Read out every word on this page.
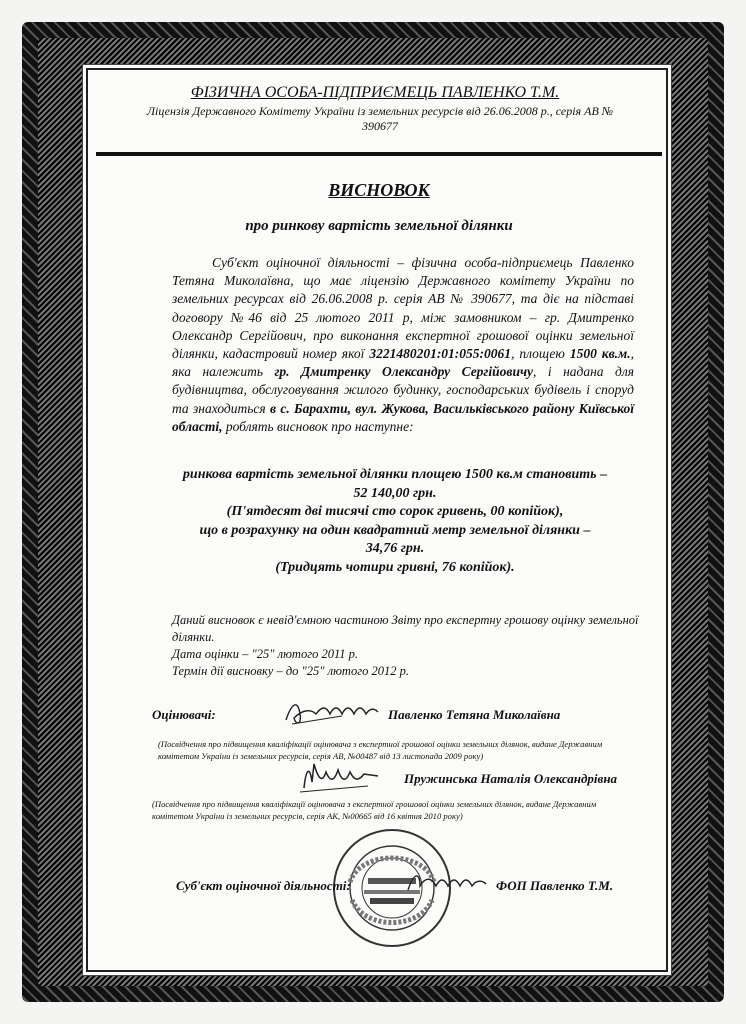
ФІЗИЧНА ОСОБА-ПІДПРИЄМЕЦЬ ПАВЛЕНКО Т.М.
Ліцензія Державного Комітету України із земельних ресурсів від 26.06.2008 р., серія АВ №
390677
ВИСНОВОК
про ринкову вартість земельної ділянки
Суб'єкт оціночної діяльності – фізична особа-підприємець Павленко Тетяна Миколаївна, що має ліцензію Державного комітету України по земельних ресурсах від 26.06.2008 р. серія АВ № 390677, та діє на підставі договору №46 від 25 лютого 2011 р, між замовником – гр. Дмитренко Олександр Сергійович, про виконання експертної грошової оцінки земельної ділянки, кадастровий номер якої 3221480201:01:055:0061, площею 1500 кв.м., яка належить гр. Дмитренку Олександру Сергійовичу, і надана для будівництва, обслуговування жилого будинку, господарських будівель і споруд та знаходиться в с. Барахти, вул. Жукова, Васильківського району Київської області, роблять висновок про наступне:
ринкова вартість земельної ділянки площею 1500 кв.м становить –
52 140,00 грн.
(П'ятдесят дві тисячі сто сорок гривень, 00 копійок),
що в розрахунку на один квадратний метр земельної ділянки –
34,76 грн.
(Тридцять чотири гривні, 76 копійок).
Даний висновок є невід'ємною частиною Звіту про експертну грошову оцінку земельної ділянки.
Дата оцінки – "25" лютого 2011 р.
Термін дії висновку – до "25" лютого 2012 р.
Оцінювачі:	Павленко Тетяна Миколаївна
(Посвідчення про підвищення кваліфікації оцінювача з експертної грошової оцінки земельних ділянок, видане Державним комітетом України із земельних ресурсів, серія АВ, №00487 від 13 листопада 2009 року)
Пружинська Наталія Олександрівна
(Посвідчення про підвищення кваліфікації оцінювача з експертної грошової оцінки земельних ділянок, видане Державним комітетом України із земельних ресурсів, серія АК, №00665 від 16 квітня 2010 року)
Суб'єкт оціночної діяльності:	ФОП Павленко Т.М.
